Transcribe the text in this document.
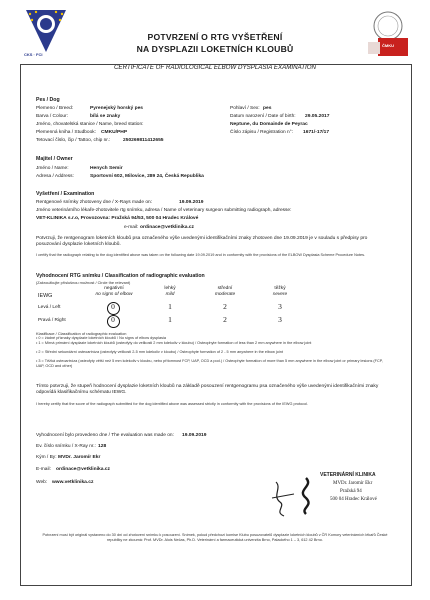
CKS · FCI
ČMKU
POTVRZENÍ O RTG VYŠETŘENÍ
NA DYSPLAZII LOKETNÍCH KLOUBŮ
CERTIFICATE OF RADIOLOGICAL ELBOW DYSPLASIA EXAMINATION
Pes / Dog
Plemeno / Breed:	Pyrenejský horský pes	Pohlaví / Sex: pes
Barva / Colour:	bílá se znaky	Datum narození / Date of birth: 29.05.2017
Jméno, chovatelská stanice / Name, breed station:	Neptune, du Domainde de Peyrac
Plemenná kniha / Studbook: CMKU/PHP	Číslo zápisu / Registration n°: 1671/-17/17
Tetovací číslo, čip / Tattoo, chip nr.:	250269811412655
Majitel / Owner
Jméno / Name:	Henych Semir
Adresa / Address:	Sportovní 602, Milovice, 289 24, Česká Republika
Vyšetření / Examination
Rentgenové snímky zhotoveny dne / X-Rays made on:	19.09.2019
Jméno veterinárního lékaře-zhotovitele rtg snímku, adresa / Name of veterinary surgeon submitting radiograph, adresse:
VET-KLINIKA s.r.o, Provozovna: Pražská 94/53, 500 04 Hradec Králové
e-mail: ordinace@vetklinika.cz
Potvrzuji, že rentgenogram loketních kloubů psa označeného výše uvedenými identifikačními znaky zhotoven dne 19.09.2019 je v souladu s předpisy pro posuzování dysplazie loketních kloubů.
I certify that the radiograph relating to the dog identified above was taken on the following date 19.09.2019 and in conformity with the provisions of the ELBOW Dysplasia Scheme Procedure Notes.
Vyhodnocení RTG snímku / Classification of radiographic evaluation
(Zakroužkujte příslušnou možnost / Circle the relevant)
IEWG
negativní
no signs of elbow
lehký
mild
střední
moderate
těžký
severe
Levá / Left	0	1	2	3
Pravá / Right	0	1	2	3
Klasifikace / Classification of radiographic evaluation
• 0 = žádné příznaky dysplazie loketních kloubů / No signs of elbow dysplasia
• 1 = Mírná primární dysplazie loketních kloubů (osteofyty do velikosti 2 mm kdekoliv v kloubu) / Osteophyte formation of less than 2 mm anywhere in the elbow joint
• 2 = Střední sekundární osteoartróza (osteofyty velikosti 2-5 mm kdekoliv v kloubu) / Osteophyte formation of 2 - 5 mm anywhere in the elbow joint
• 3 = Těžká osteoartróza (osteofyty větší než 5 mm kdekoliv v kloubu, nebo přítomnost FCP, UAP, OCD a pod.) / Osteophyte formation of more than 5 mm anywhere in the elbow joint or primary lesions (FCP, UAP, OCD and other)
Tímto potvrzuji, že stupeň hodnocení dysplazie loketních kloubů na základě posouzení rentgenogramu psa označeného výše uvedenými identifikačními znaky odpovídá klasifikačnímu schématu IEWG.
I hereby certify that the score of the radiograph submitted for the dog identified above was assessed strictly in conformity with the provisions of the IEWG protocol.
Vyhodnocení bylo provedeno dne / The evaluation was made on: 19.09.2019
Ev. číslo snímku / X-Ray nr.: 128
Kým / By: MVDr. Jaromír Ekr
E-mail: ordinace@vetklinika.cz
Web: www.vetklinika.cz
VETERINÁRNÍ KLINIKA
MVDr. Jaromír Ekr
Pražská 94
500 04 Hradec Králové
Potvrzení musí být originál vystaveno do 30 dní od zhotovení snímku k posouzení. Snímek, pokud předchozí komise Klubu posuzovatelů dysplazie loketních kloubů v ČR Komory veterinárních lékařů České republiky ne zkoumá: Prof. MVDr. Alois Nečas, Ph.D. Veterinární a farmaceutická univerzita Brno, Palackého 1 – 3, 612 42 Brno.
